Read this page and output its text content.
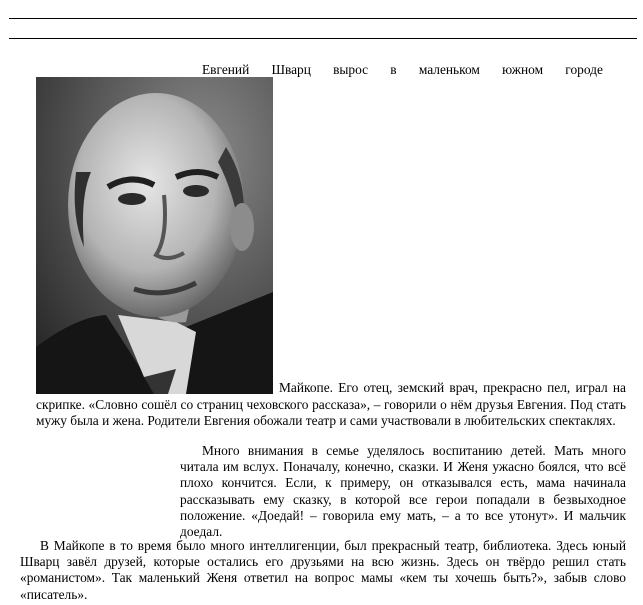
Евгений Шварц вырос в маленьком южном городе

Майкопе. Его отец, земский врач, прекрасно пел, играл на

скрипке. «Словно сошёл со страниц чеховского рассказа», – говорили о нём друзья Евгения. Под стать мужу была и жена. Родители Евгения обожали театр и сами участвовали в любительских спектаклях.

Много внимания в семье уделялось воспитанию детей. Мать много читала им вслух. Поначалу, конечно, сказки. И Женя ужасно боялся, что всё плохо кончится. Если, к примеру, он отказывался есть, мама начинала рассказывать ему сказку, в которой все герои попадали в безвыходное положение. «Доедай! – говорила ему мать, – а то все утонут». И мальчик доедал.

В Майкопе в то время было много интеллигенции, был прекрасный театр, библиотека. Здесь юный Шварц завёл друзей, которые остались его друзьями на всю жизнь. Здесь он твёрдо решил стать «романистом». Так маленький Женя ответил на вопрос мамы «кем ты хочешь быть?», забыв слово «писатель».
